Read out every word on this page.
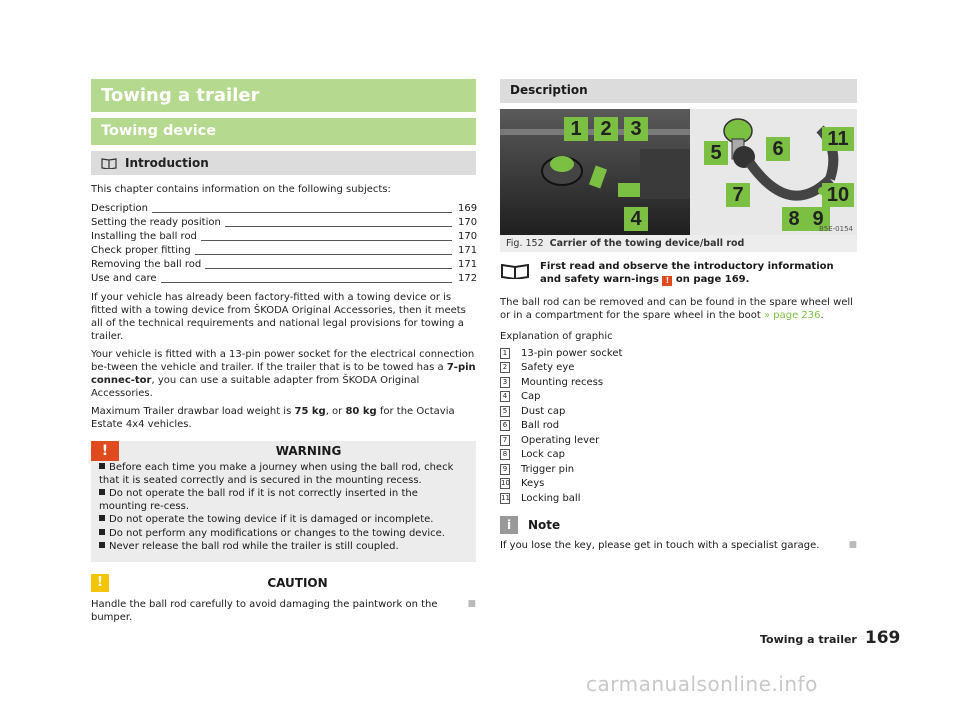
Towing a trailer
Towing device
Introduction
This chapter contains information on the following subjects:
Description	169
Setting the ready position	170
Installing the ball rod	170
Check proper fitting	171
Removing the ball rod	171
Use and care	172
If your vehicle has already been factory-fitted with a towing device or is fitted with a towing device from ŠKODA Original Accessories, then it meets all of the technical requirements and national legal provisions for towing a trailer.
Your vehicle is fitted with a 13-pin power socket for the electrical connection be-tween the vehicle and trailer. If the trailer that is to be towed has a 7-pin connec-tor, you can use a suitable adapter from ŠKODA Original Accessories.
Maximum Trailer drawbar load weight is 75 kg, or 80 kg for the Octavia Estate 4x4 vehicles.
!	WARNING
Before each time you make a journey when using the ball rod, check that it is seated correctly and is secured in the mounting recess.
Do not operate the ball rod if it is not correctly inserted in the mounting re-cess.
Do not operate the towing device if it is damaged or incomplete.
Do not perform any modifications or changes to the towing device.
Never release the ball rod while the trailer is still coupled.
!	CAUTION
Handle the ball rod carefully to avoid damaging the paintwork on the bumper.
■
Description
1 2 3
4
5	6
7
8 9
10
11
B5E-0154
Fig. 152 Carrier of the towing device/ball rod
First read and observe the introductory information and safety warn-ings ! on page 169.
The ball rod can be removed and can be found in the spare wheel well or in a compartment for the spare wheel in the boot » page 236.
Explanation of graphic
1 13-pin power socket
2 Safety eye
3 Mounting recess
4 Cap
5 Dust cap
6 Ball rod
7 Operating lever
8 Lock cap
9 Trigger pin
10 Keys
11 Locking ball
i	Note
If you lose the key, please get in touch with a specialist garage.	■
Towing a trailer 169
carmanualsonline.info
